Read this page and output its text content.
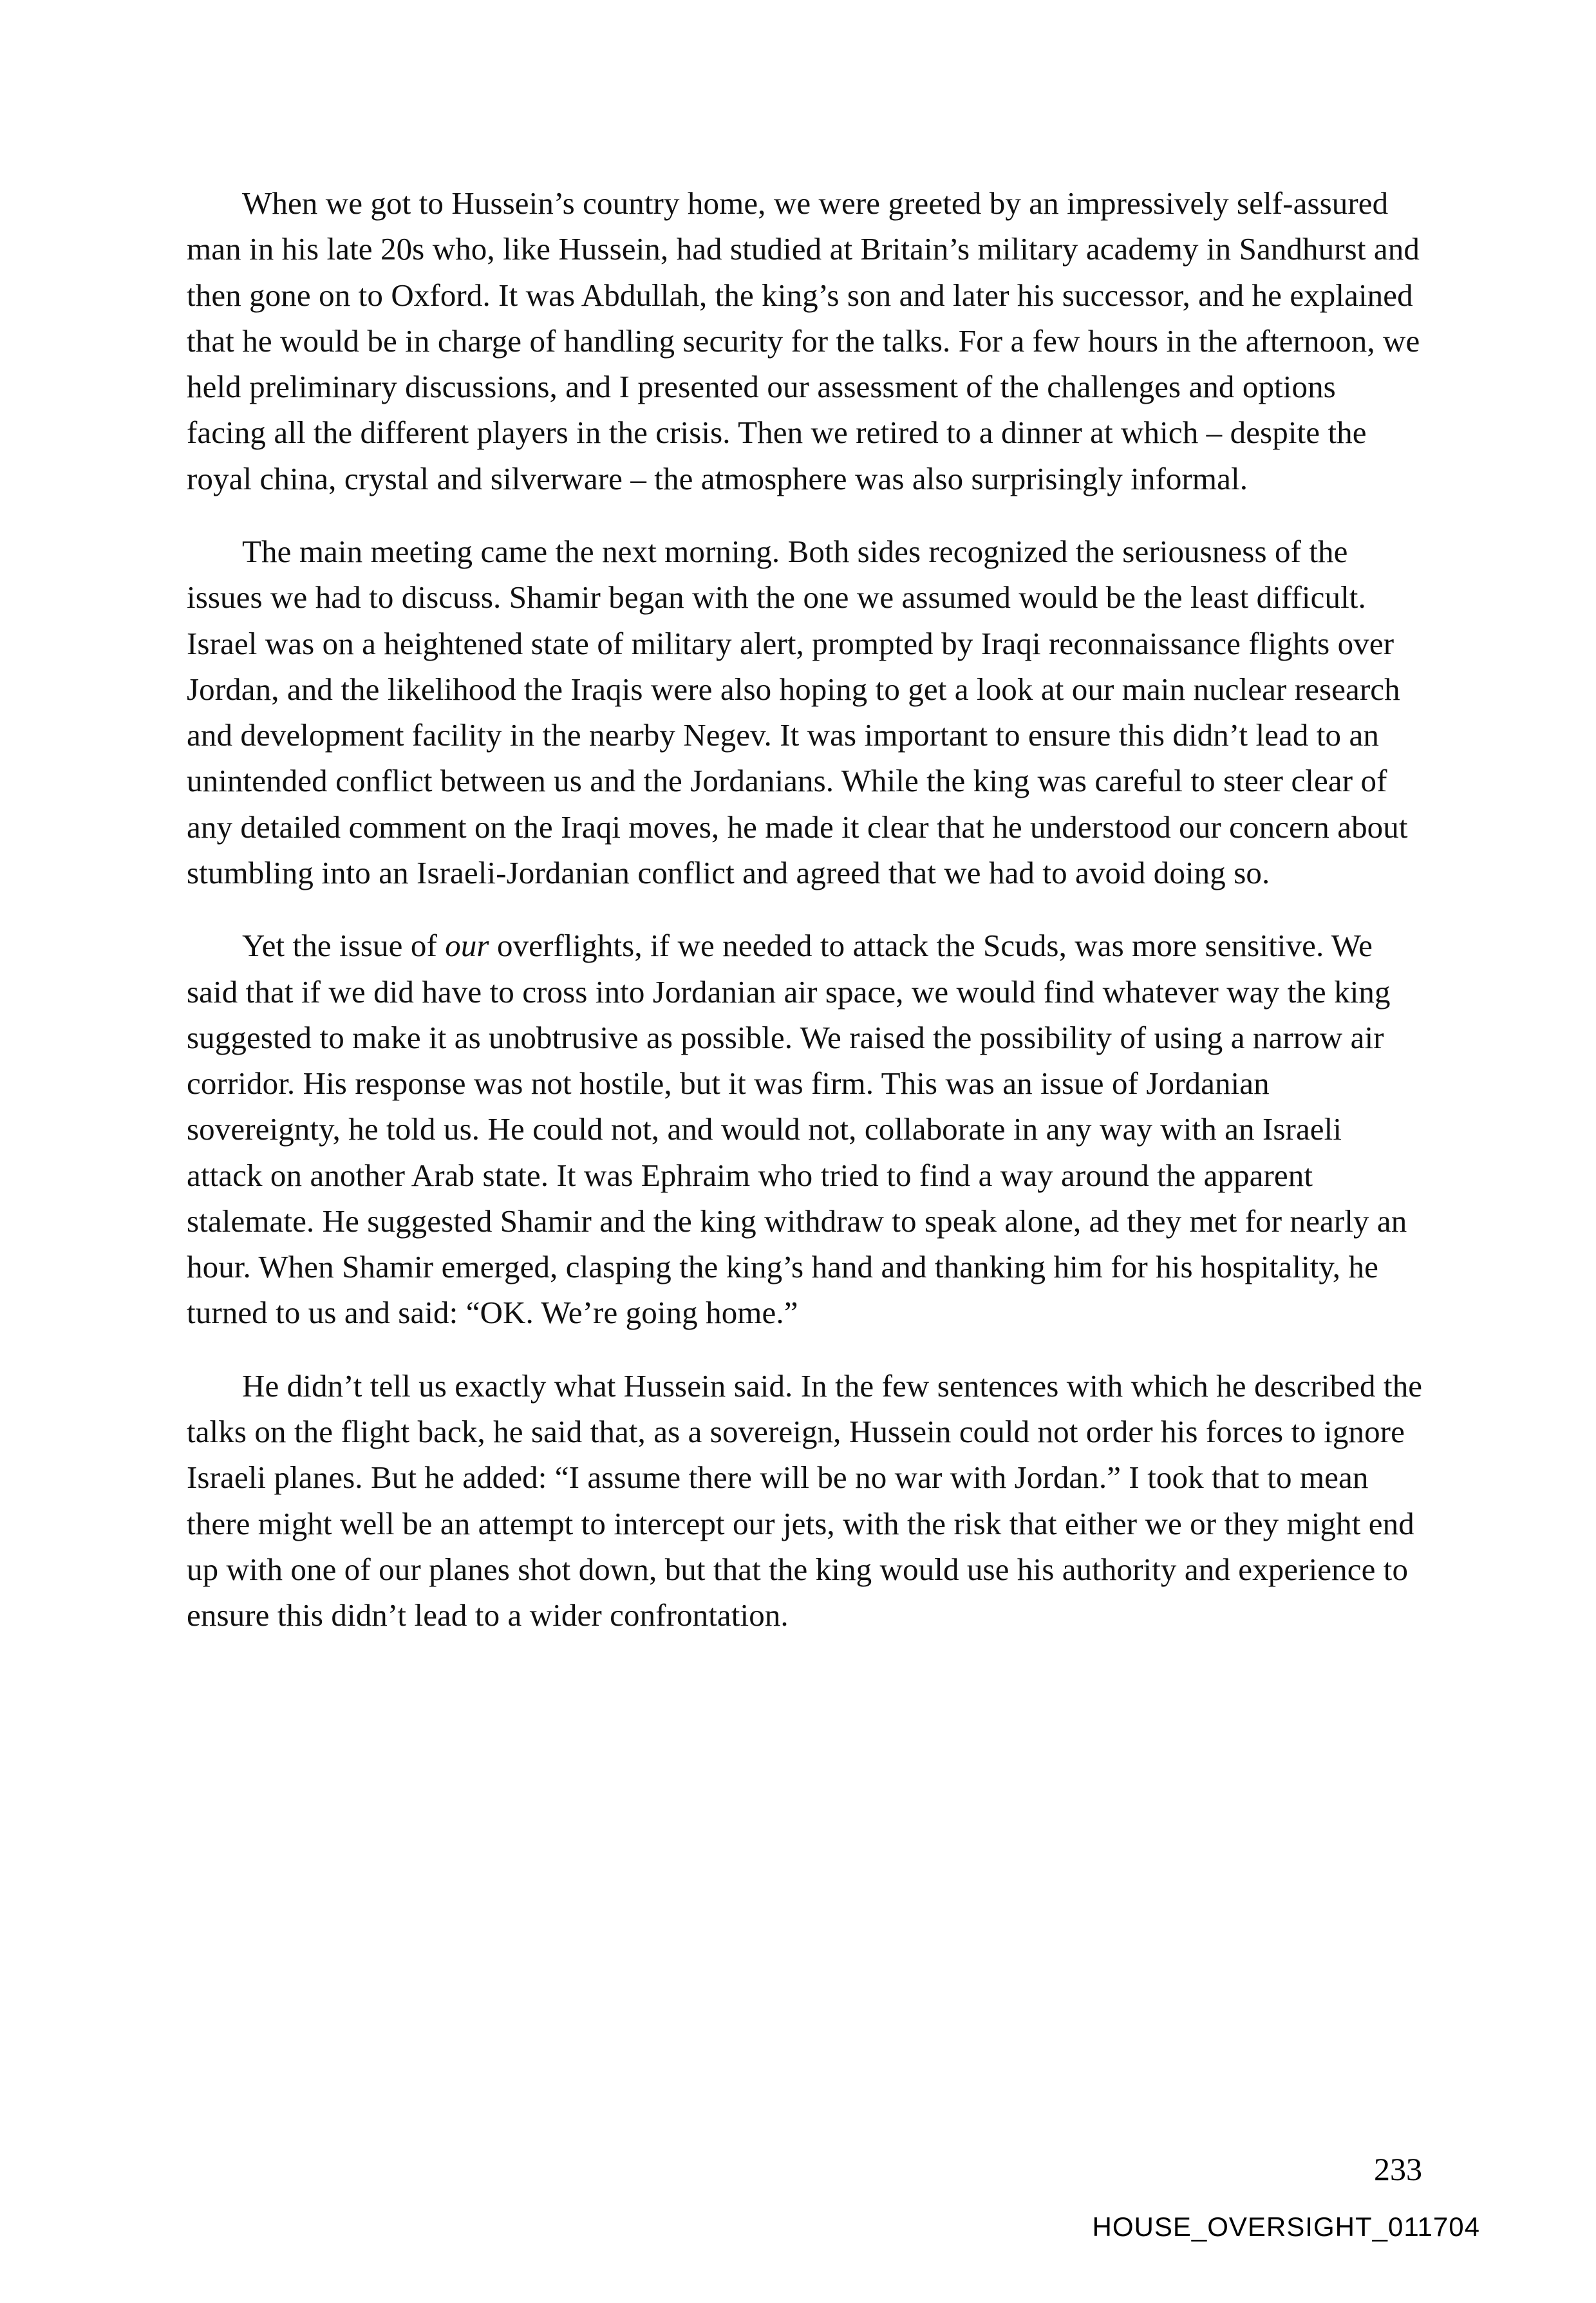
When we got to Hussein’s country home, we were greeted by an impressively self-assured man in his late 20s who, like Hussein, had studied at Britain’s military academy in Sandhurst and then gone on to Oxford. It was Abdullah, the king’s son and later his successor, and he explained that he would be in charge of handling security for the talks. For a few hours in the afternoon, we held preliminary discussions, and I presented our assessment of the challenges and options facing all the different players in the crisis. Then we retired to a dinner at which – despite the royal china, crystal and silverware – the atmosphere was also surprisingly informal.

The main meeting came the next morning. Both sides recognized the seriousness of the issues we had to discuss. Shamir began with the one we assumed would be the least difficult. Israel was on a heightened state of military alert, prompted by Iraqi reconnaissance flights over Jordan, and the likelihood the Iraqis were also hoping to get a look at our main nuclear research and development facility in the nearby Negev. It was important to ensure this didn’t lead to an unintended conflict between us and the Jordanians. While the king was careful to steer clear of any detailed comment on the Iraqi moves, he made it clear that he understood our concern about stumbling into an Israeli-Jordanian conflict and agreed that we had to avoid doing so.

Yet the issue of our overflights, if we needed to attack the Scuds, was more sensitive. We said that if we did have to cross into Jordanian air space, we would find whatever way the king suggested to make it as unobtrusive as possible. We raised the possibility of using a narrow air corridor. His response was not hostile, but it was firm. This was an issue of Jordanian sovereignty, he told us. He could not, and would not, collaborate in any way with an Israeli attack on another Arab state. It was Ephraim who tried to find a way around the apparent stalemate. He suggested Shamir and the king withdraw to speak alone, ad they met for nearly an hour. When Shamir emerged, clasping the king’s hand and thanking him for his hospitality, he turned to us and said: “OK. We’re going home.”

He didn’t tell us exactly what Hussein said. In the few sentences with which he described the talks on the flight back, he said that, as a sovereign, Hussein could not order his forces to ignore Israeli planes. But he added: “I assume there will be no war with Jordan.” I took that to mean there might well be an attempt to intercept our jets, with the risk that either we or they might end up with one of our planes shot down, but that the king would use his authority and experience to ensure this didn’t lead to a wider confrontation.

233
HOUSE_OVERSIGHT_011704
